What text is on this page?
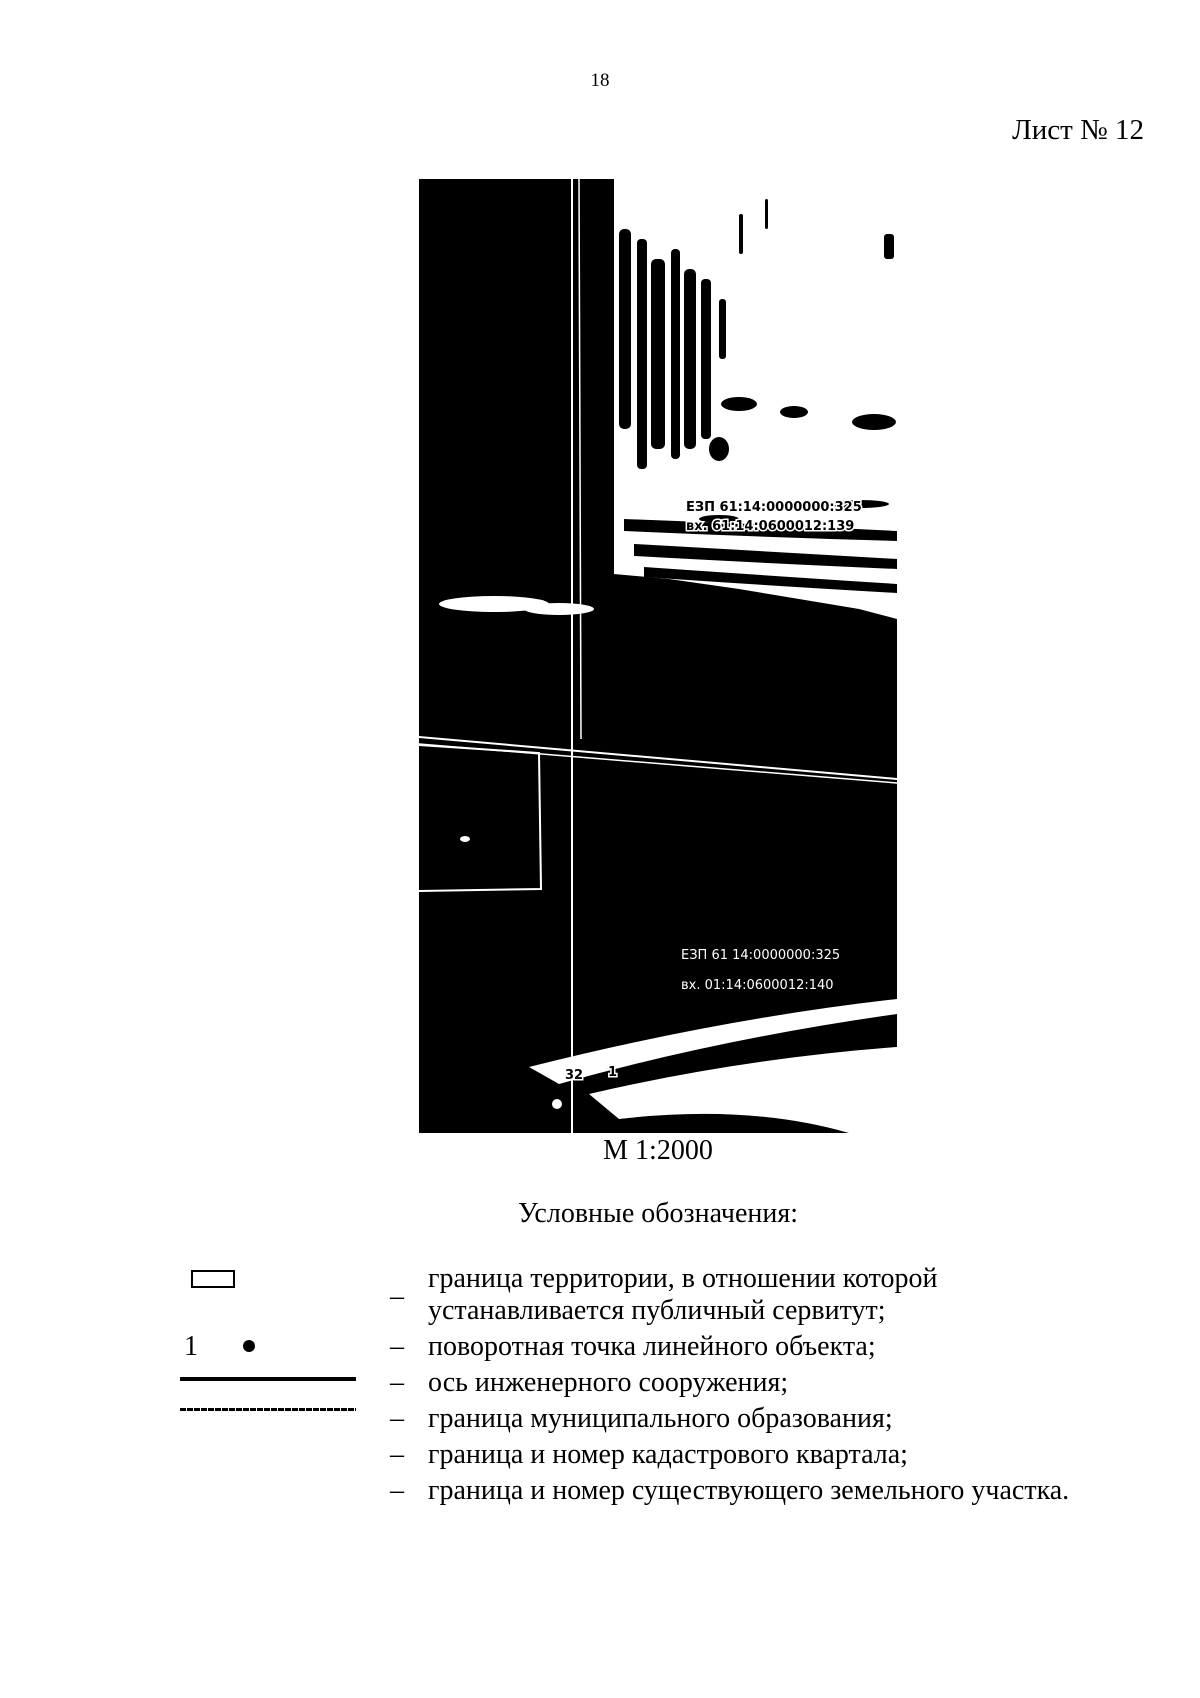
18
Лист № 12
ЕЗП 61:14:0000000:325
вх. 61:14:0600012:139
ЕЗП 61 14:0000000:325
вх. 01:14:0600012:140
32 1
М 1:2000
Условные обозначения:
1
–
граница территории, в отношении которой устанавливается публичный сервитут;
– поворотная точка линейного объекта;
– ось инженерного сооружения;
– граница муниципального образования;
– граница и номер кадастрового квартала;
– граница и номер существующего земельного участка.
